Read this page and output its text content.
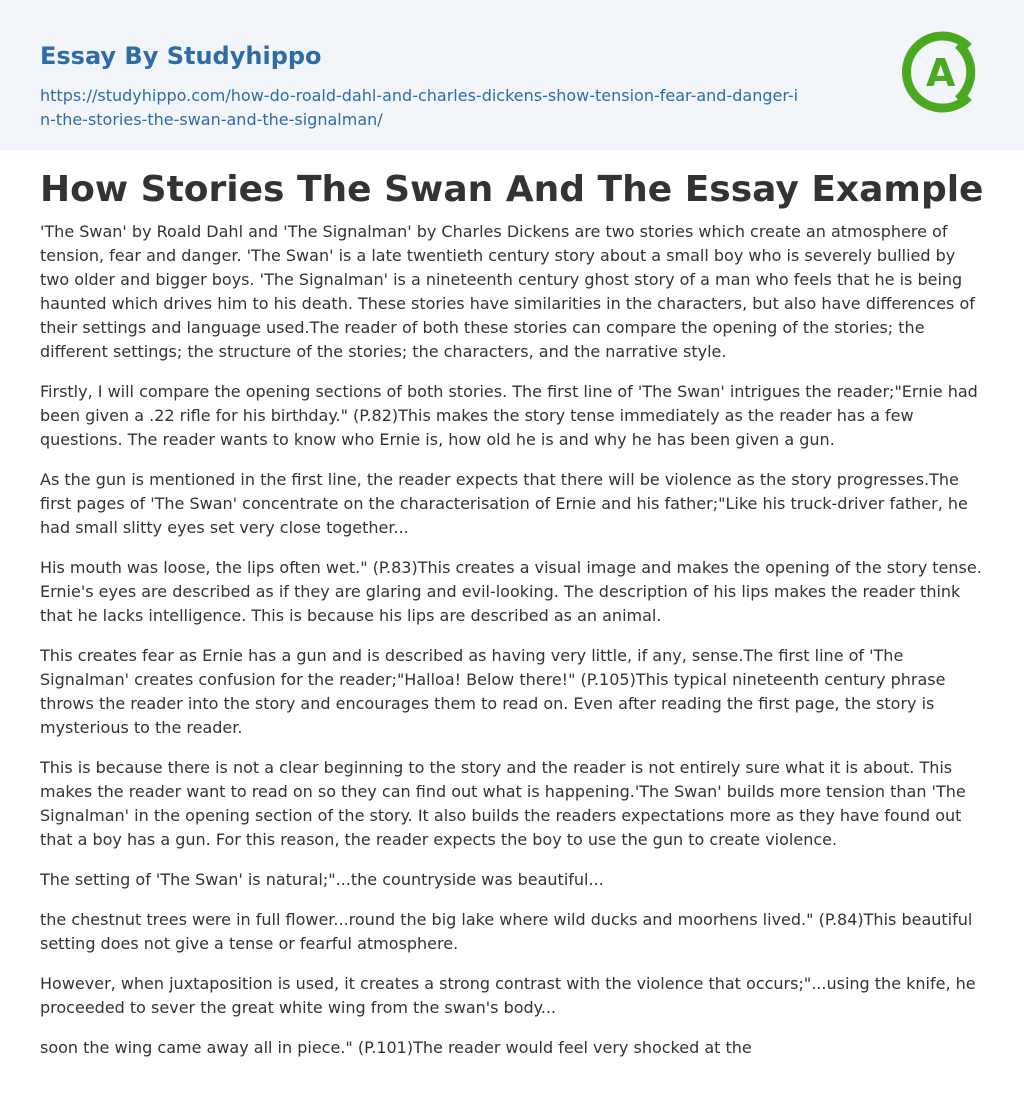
Essay By Studyhippo
https://studyhippo.com/how-do-roald-dahl-and-charles-dickens-show-tension-fear-and-danger-in-the-stories-the-swan-and-the-signalman/
A
How Stories The Swan And The Essay Example

'The Swan' by Roald Dahl and 'The Signalman' by Charles Dickens are two stories which create an atmosphere of tension, fear and danger. 'The Swan' is a late twentieth century story about a small boy who is severely bullied by two older and bigger boys. 'The Signalman' is a nineteenth century ghost story of a man who feels that he is being haunted which drives him to his death. These stories have similarities in the characters, but also have differences of their settings and language used.The reader of both these stories can compare the opening of the stories; the different settings; the structure of the stories; the characters, and the narrative style.

Firstly, I will compare the opening sections of both stories. The first line of 'The Swan' intrigues the reader;"Ernie had been given a .22 rifle for his birthday." (P.82)This makes the story tense immediately as the reader has a few questions. The reader wants to know who Ernie is, how old he is and why he has been given a gun.

As the gun is mentioned in the first line, the reader expects that there will be violence as the story progresses.The first pages of 'The Swan' concentrate on the characterisation of Ernie and his father;"Like his truck-driver father, he had small slitty eyes set very close together...

His mouth was loose, the lips often wet." (P.83)This creates a visual image and makes the opening of the story tense. Ernie's eyes are described as if they are glaring and evil-looking. The description of his lips makes the reader think that he lacks intelligence. This is because his lips are described as an animal.

This creates fear as Ernie has a gun and is described as having very little, if any, sense.The first line of 'The Signalman' creates confusion for the reader;"Halloa! Below there!" (P.105)This typical nineteenth century phrase throws the reader into the story and encourages them to read on. Even after reading the first page, the story is mysterious to the reader.

This is because there is not a clear beginning to the story and the reader is not entirely sure what it is about. This makes the reader want to read on so they can find out what is happening.'The Swan' builds more tension than 'The Signalman' in the opening section of the story. It also builds the readers expectations more as they have found out that a boy has a gun. For this reason, the reader expects the boy to use the gun to create violence.

The setting of 'The Swan' is natural;"...the countryside was beautiful...

the chestnut trees were in full flower...round the big lake where wild ducks and moorhens lived." (P.84)This beautiful setting does not give a tense or fearful atmosphere.

However, when juxtaposition is used, it creates a strong contrast with the violence that occurs;"...using the knife, he proceeded to sever the great white wing from the swan's body...

soon the wing came away all in piece." (P.101)The reader would feel very shocked at the
